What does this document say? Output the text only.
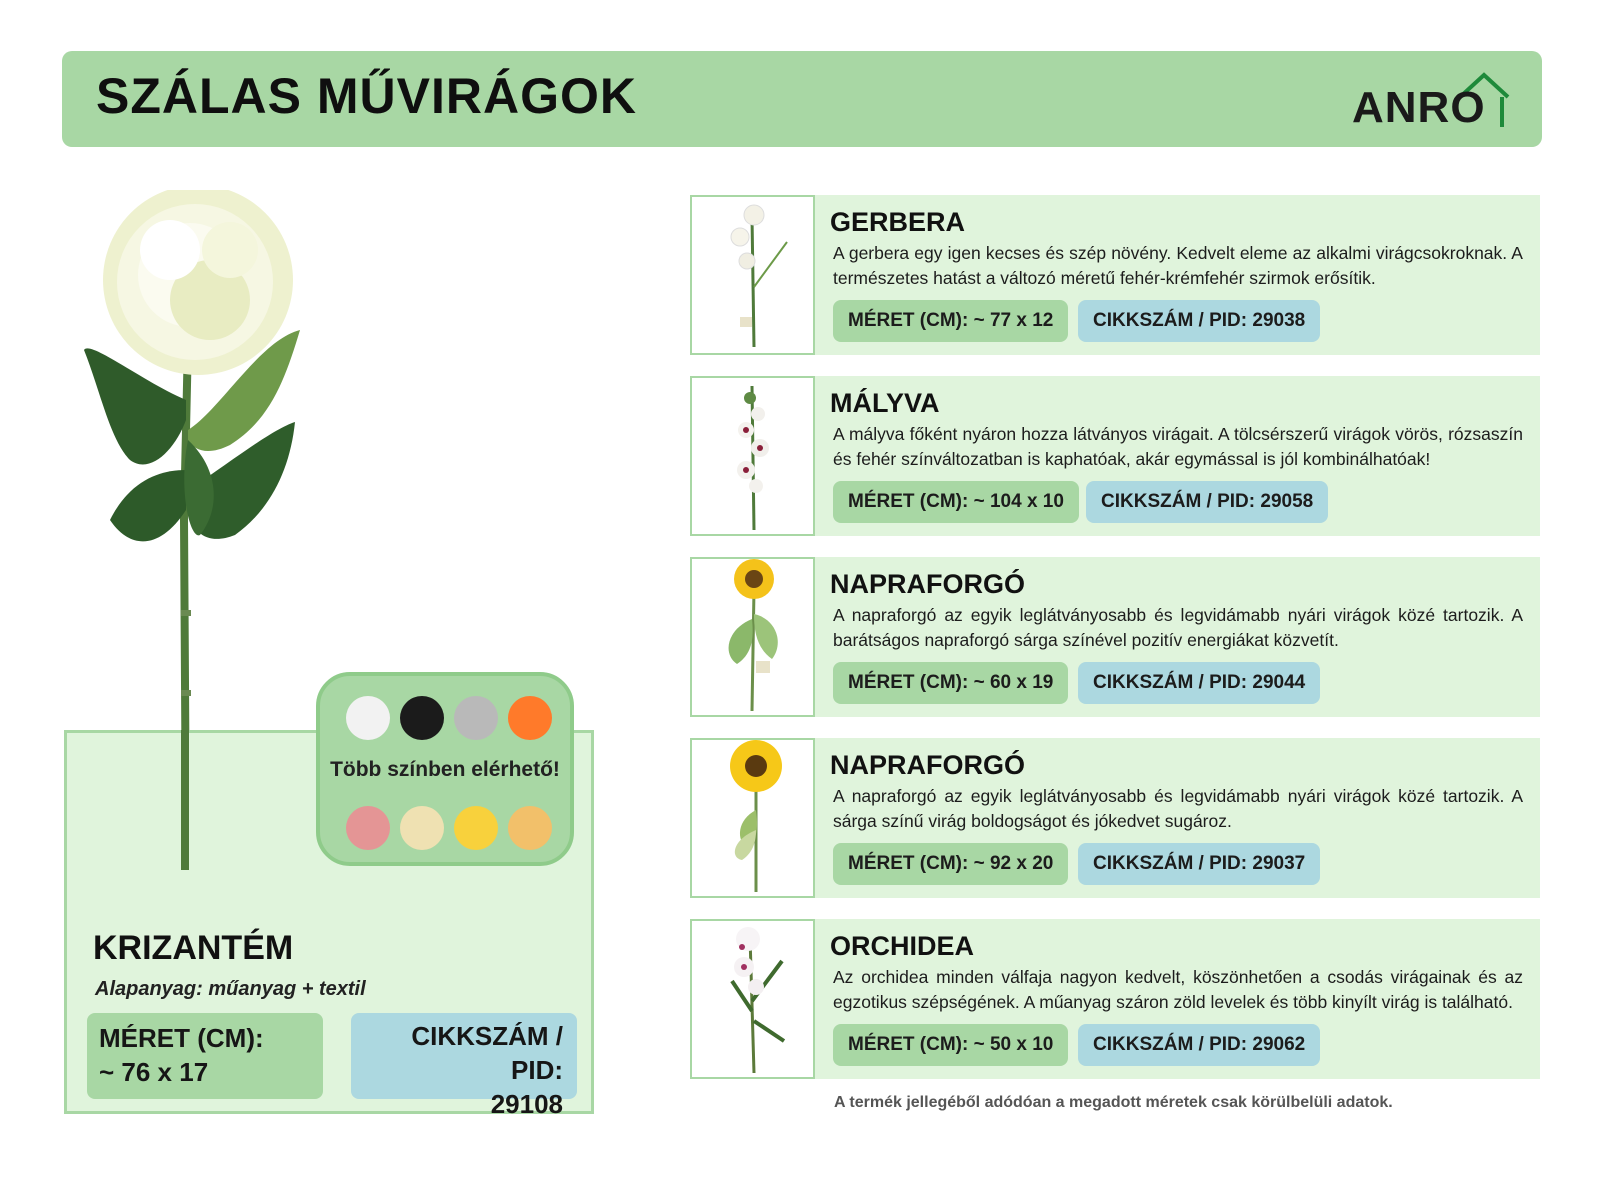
SZÁLAS MŰVIRÁGOK	ANRO
KRIZANTÉM
Alapanyag: műanyag + textil
MÉRET (CM):
~ 76 x 17
CIKKSZÁM / PID:
29108
Több színben elérhető!
GERBERA
A gerbera egy igen kecses és szép növény. Kedvelt eleme az alkalmi virágcsokroknak. A természetes hatást a változó méretű fehér-krémfehér szirmok erősítik.
MÉRET (CM): ~ 77 x 12	CIKKSZÁM / PID: 29038
MÁLYVA
A mályva főként nyáron hozza látványos virágait. A tölcsérszerű virágok vörös, rózsaszín és fehér színváltozatban is kaphatóak, akár egymással is jól kombinálhatóak!
MÉRET (CM): ~ 104 x 10	CIKKSZÁM / PID: 29058
NAPRAFORGÓ
A napraforgó az egyik leglátványosabb és legvidámabb nyári virágok közé tartozik. A barátságos napraforgó sárga színével pozitív energiákat közvetít.
MÉRET (CM): ~ 60 x 19	CIKKSZÁM / PID: 29044
NAPRAFORGÓ
A napraforgó az egyik leglátványosabb és legvidámabb nyári virágok közé tartozik. A sárga színű virág boldogságot és jókedvet sugároz.
MÉRET (CM): ~ 92 x 20	CIKKSZÁM / PID: 29037
ORCHIDEA
Az orchidea minden válfaja nagyon kedvelt, köszönhetően a csodás virágainak és az egzotikus szépségének. A műanyag száron zöld levelek és több kinyílt virág is található.
MÉRET (CM): ~ 50 x 10	CIKKSZÁM / PID: 29062
A termék jellegéből adódóan a megadott méretek csak körülbelüli adatok.
